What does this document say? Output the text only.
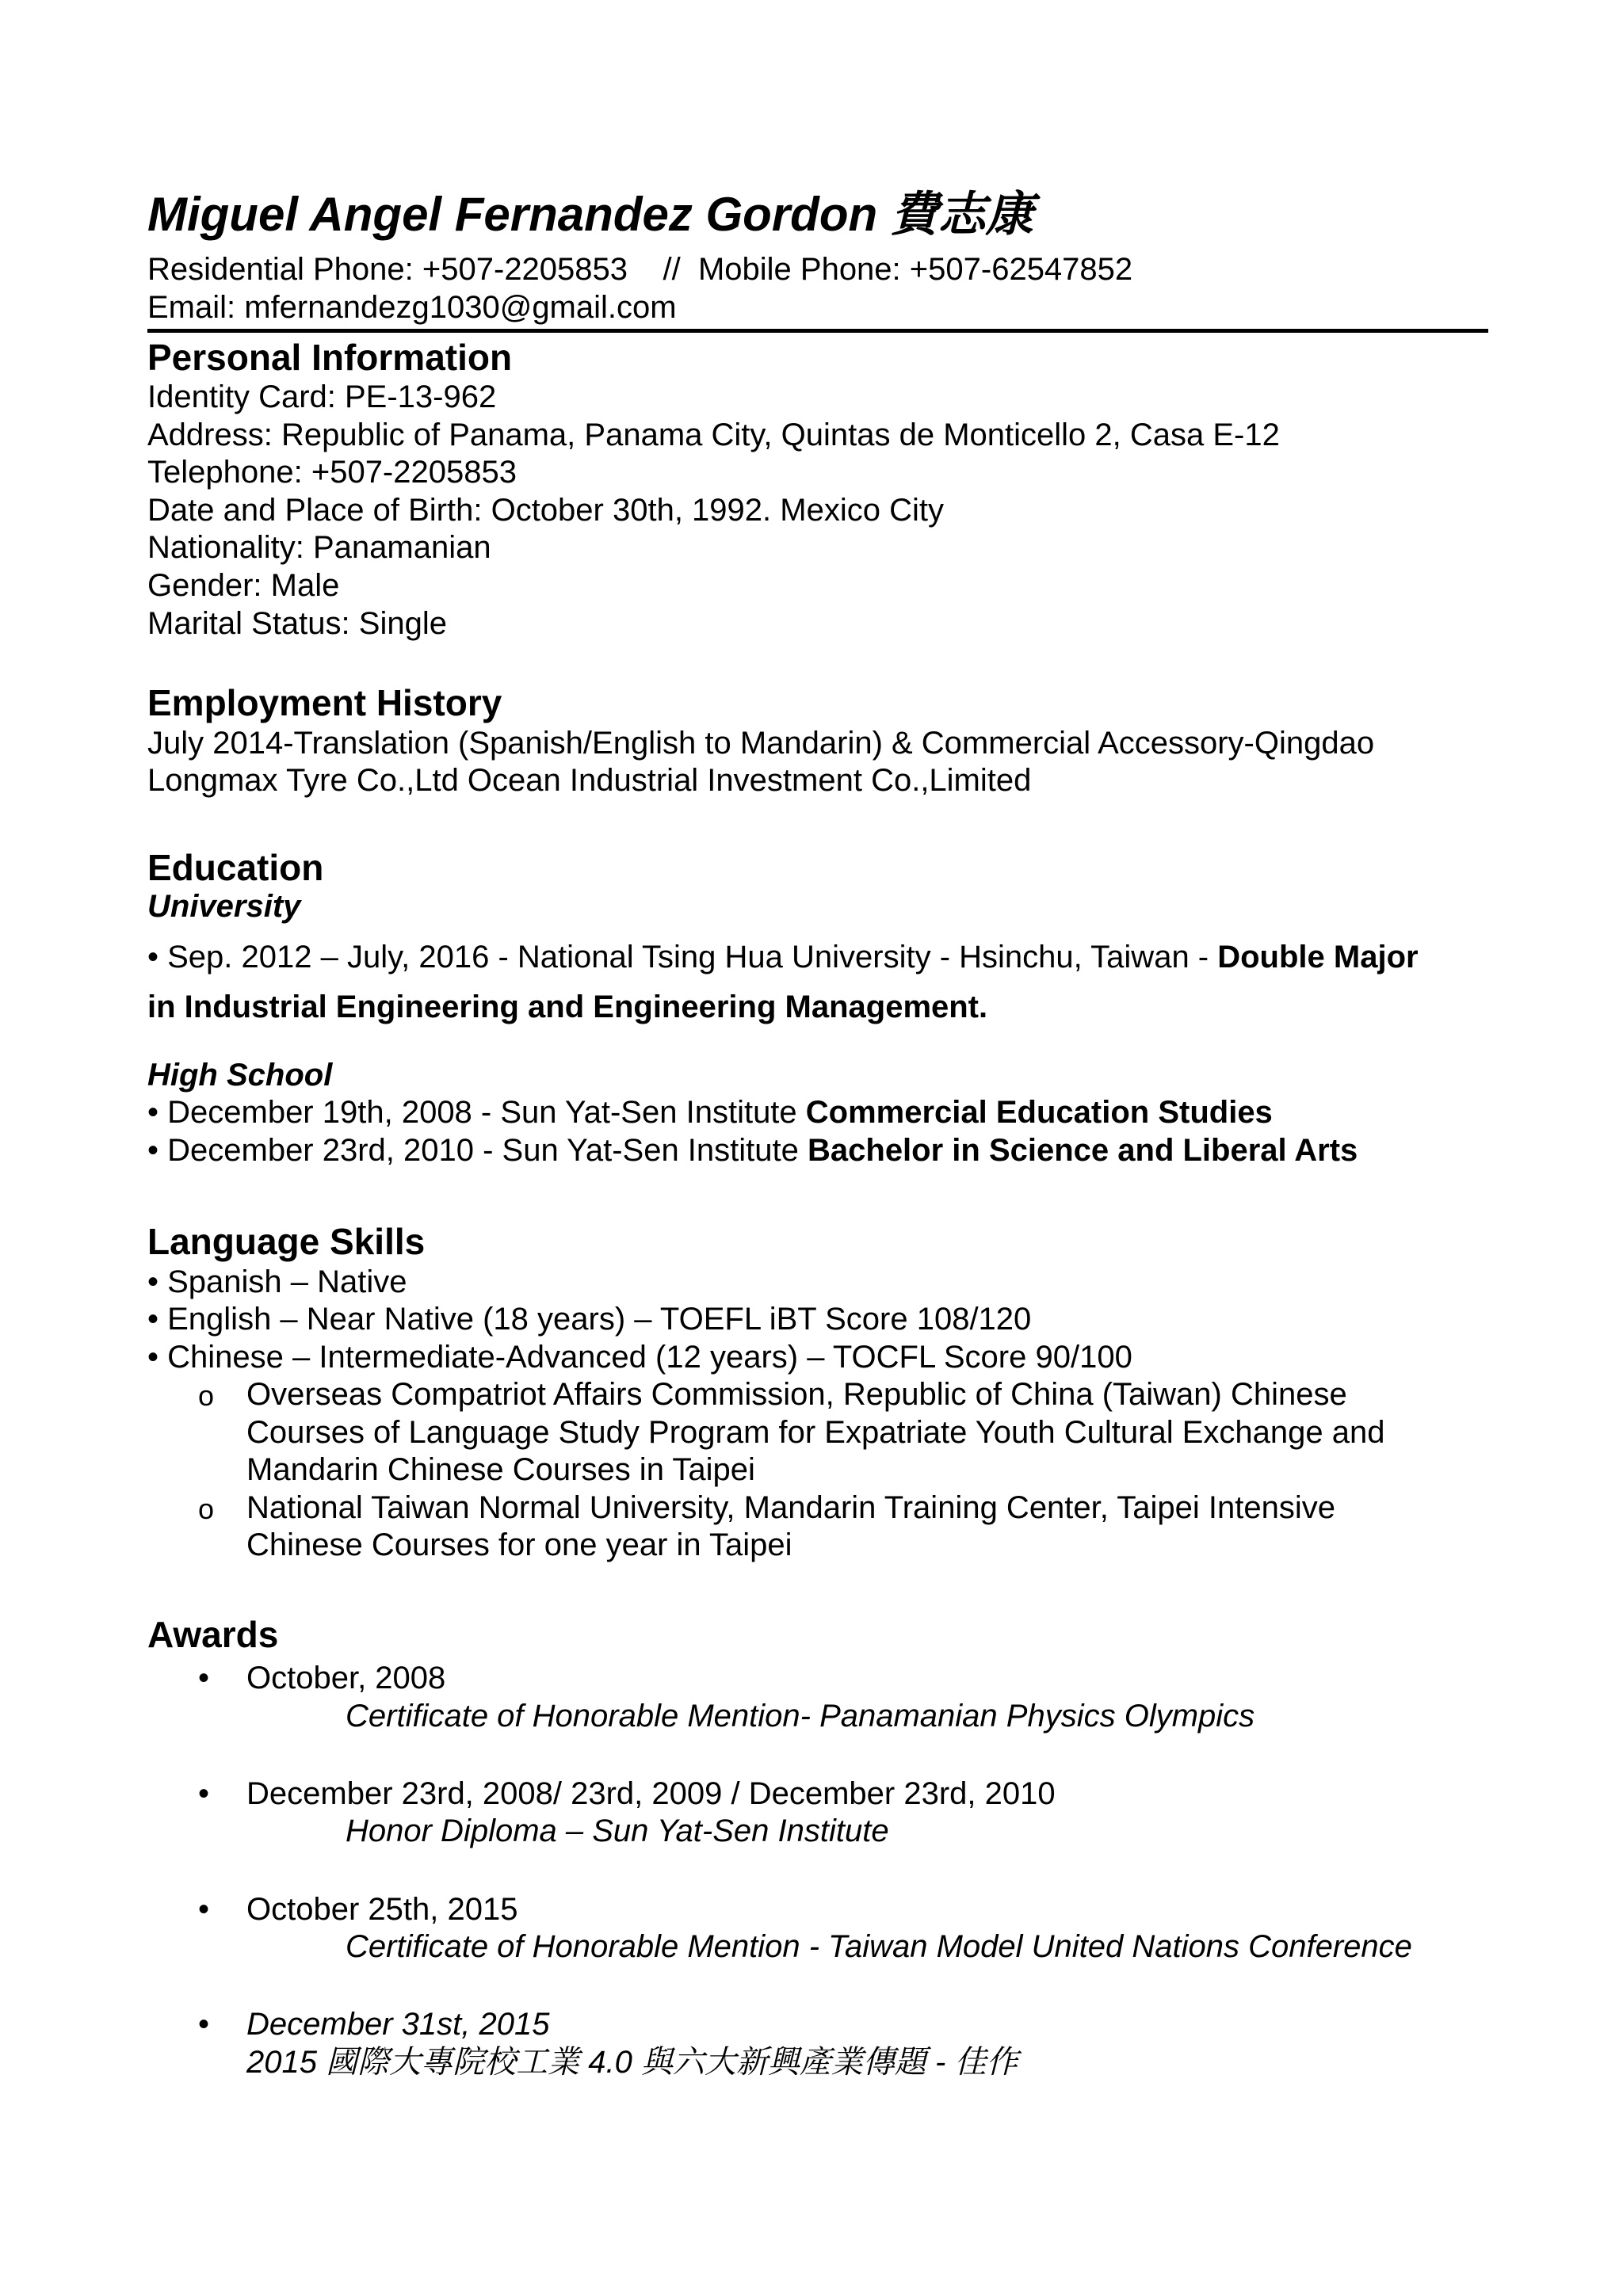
Miguel Angel Fernandez Gordon 費志康
Residential Phone: +507-2205853    //  Mobile Phone: +507-62547852
Email: mfernandezg1030@gmail.com
Personal Information
Identity Card: PE-13-962
Address: Republic of Panama, Panama City, Quintas de Monticello 2, Casa E-12
Telephone: +507-2205853
Date and Place of Birth: October 30th, 1992. Mexico City
Nationality: Panamanian
Gender: Male
Marital Status: Single
Employment History
July 2014-Translation (Spanish/English to Mandarin) & Commercial Accessory-Qingdao
Longmax Tyre Co.,Ltd Ocean Industrial Investment Co.,Limited
Education
University
• Sep. 2012 – July, 2016 - National Tsing Hua University - Hsinchu, Taiwan - Double Major
in Industrial Engineering and Engineering Management.
High School
• December 19th, 2008 - Sun Yat-Sen Institute Commercial Education Studies
• December 23rd, 2010 - Sun Yat-Sen Institute Bachelor in Science and Liberal Arts
Language Skills
• Spanish – Native
• English – Near Native (18 years) – TOEFL iBT Score 108/120
• Chinese – Intermediate-Advanced (12 years) – TOCFL Score 90/100
o Overseas Compatriot Affairs Commission, Republic of China (Taiwan) Chinese
Courses of Language Study Program for Expatriate Youth Cultural Exchange and
Mandarin Chinese Courses in Taipei
o National Taiwan Normal University, Mandarin Training Center, Taipei Intensive
Chinese Courses for one year in Taipei
Awards
• October, 2008
Certificate of Honorable Mention- Panamanian Physics Olympics
• December 23rd, 2008/ 23rd, 2009 / December 23rd, 2010
Honor Diploma – Sun Yat-Sen Institute
• October 25th, 2015
Certificate of Honorable Mention - Taiwan Model United Nations Conference
• December 31st, 2015
2015 國際大專院校工業 4.0 與六大新興產業傳題 - 佳作
